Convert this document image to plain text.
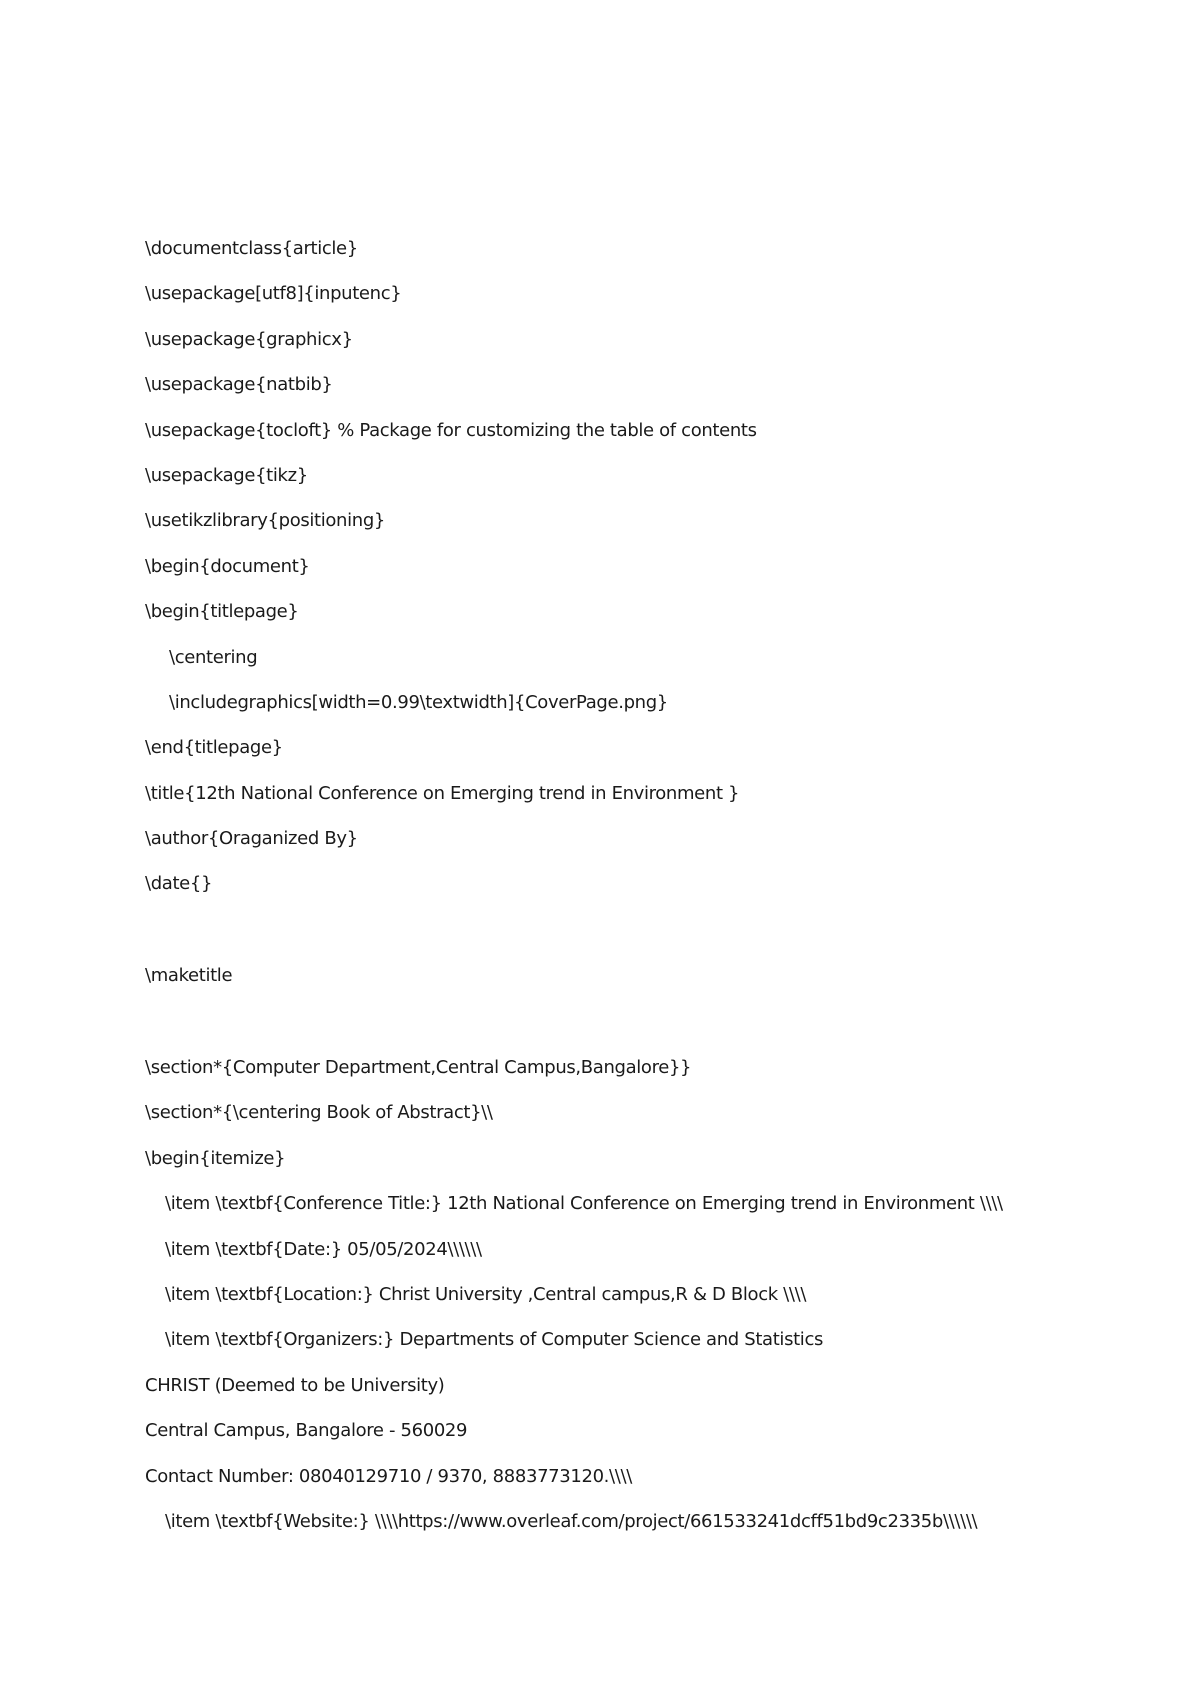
\documentclass{article}
\usepackage[utf8]{inputenc}
\usepackage{graphicx}
\usepackage{natbib}
\usepackage{tocloft} % Package for customizing the table of contents
\usepackage{tikz}
\usetikzlibrary{positioning}
\begin{document}
\begin{titlepage}
\centering
\includegraphics[width=0.99\textwidth]{CoverPage.png}
\end{titlepage}
\title{12th National Conference on Emerging trend in Environment }
\author{Oraganized By}
\date{}
\maketitle
\section*{Computer Department,Central Campus,Bangalore}}
\section*{\centering Book of Abstract}\\
\begin{itemize}
\item \textbf{Conference Title:} 12th National Conference on Emerging trend in Environment \\\\
\item \textbf{Date:} 05/05/2024\\\\\\
\item \textbf{Location:} Christ University ,Central campus,R & D Block \\\\
\item \textbf{Organizers:} Departments of Computer Science and Statistics
CHRIST (Deemed to be University)
Central Campus, Bangalore - 560029
Contact Number: 08040129710 / 9370, 8883773120.\\\\
\item \textbf{Website:} \\\\https://www.overleaf.com/project/661533241dcff51bd9c2335b\\\\\\
